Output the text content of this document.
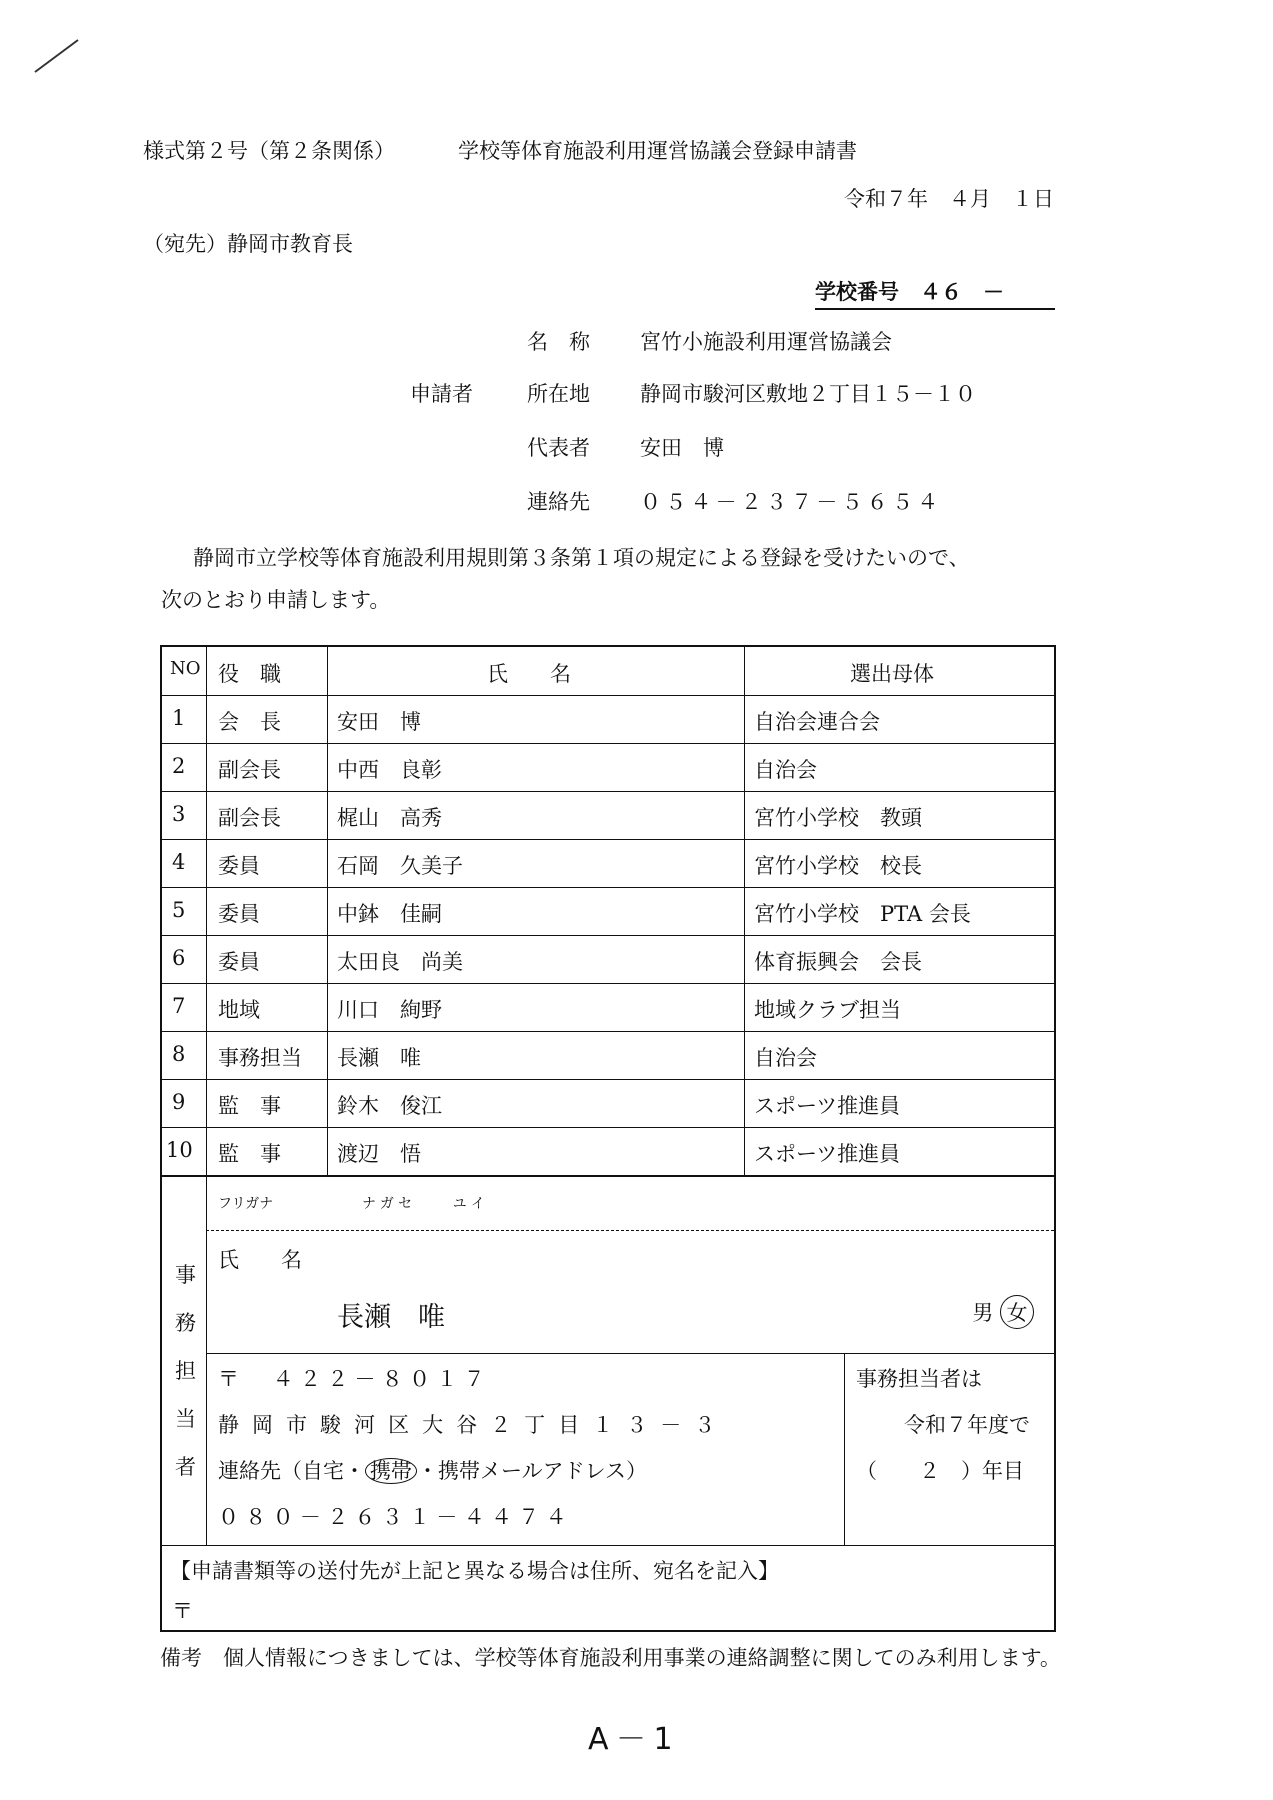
様式第２号（第２条関係）	学校等体育施設利用運営協議会登録申請書
令和７年　４月　１日
（宛先）静岡市教育長
学校番号　４６　－
名　称 宮竹小施設利用運営協議会
申請者	所在地 静岡市駿河区敷地２丁目１５－１０
代表者 安田　博
連絡先 ０５４－２３７－５６５４
静岡市立学校等体育施設利用規則第３条第１項の規定による登録を受けたいので、
次のとおり申請します。
NO 役　職	氏　　名	選出母体
1 会　長	安田　博	自治会連合会
2 副会長	中西　良彰	自治会
3 副会長	梶山　高秀	宮竹小学校　教頭
4 委員	石岡　久美子	宮竹小学校　校長
5 委員	中鉢　佳嗣	宮竹小学校　PTA 会長
6 委員	太田良　尚美	体育振興会　会長
7 地域	川口　絢野	地域クラブ担当
8 事務担当 長瀬　唯	自治会
9 監　事	鈴木　俊江	スポーツ推進員
10 監　事	渡辺　悟	スポーツ推進員
事
務
担
当
者
フリガナ	ナガセ　　ユイ
氏　　名
長瀬　唯	男 女
〒　４２２－８０１７
静岡市駿河区大谷２丁目１３－３
連絡先（自宅・ 携帯 ・携帯メールアドレス）
０８０－２６３１－４４７４
事務担当者は
令和７年度で
（　　２　）年目
【申請書類等の送付先が上記と異なる場合は住所、宛名を記入】
〒
備考　個人情報につきましては、学校等体育施設利用事業の連絡調整に関してのみ利用します。
A－1
